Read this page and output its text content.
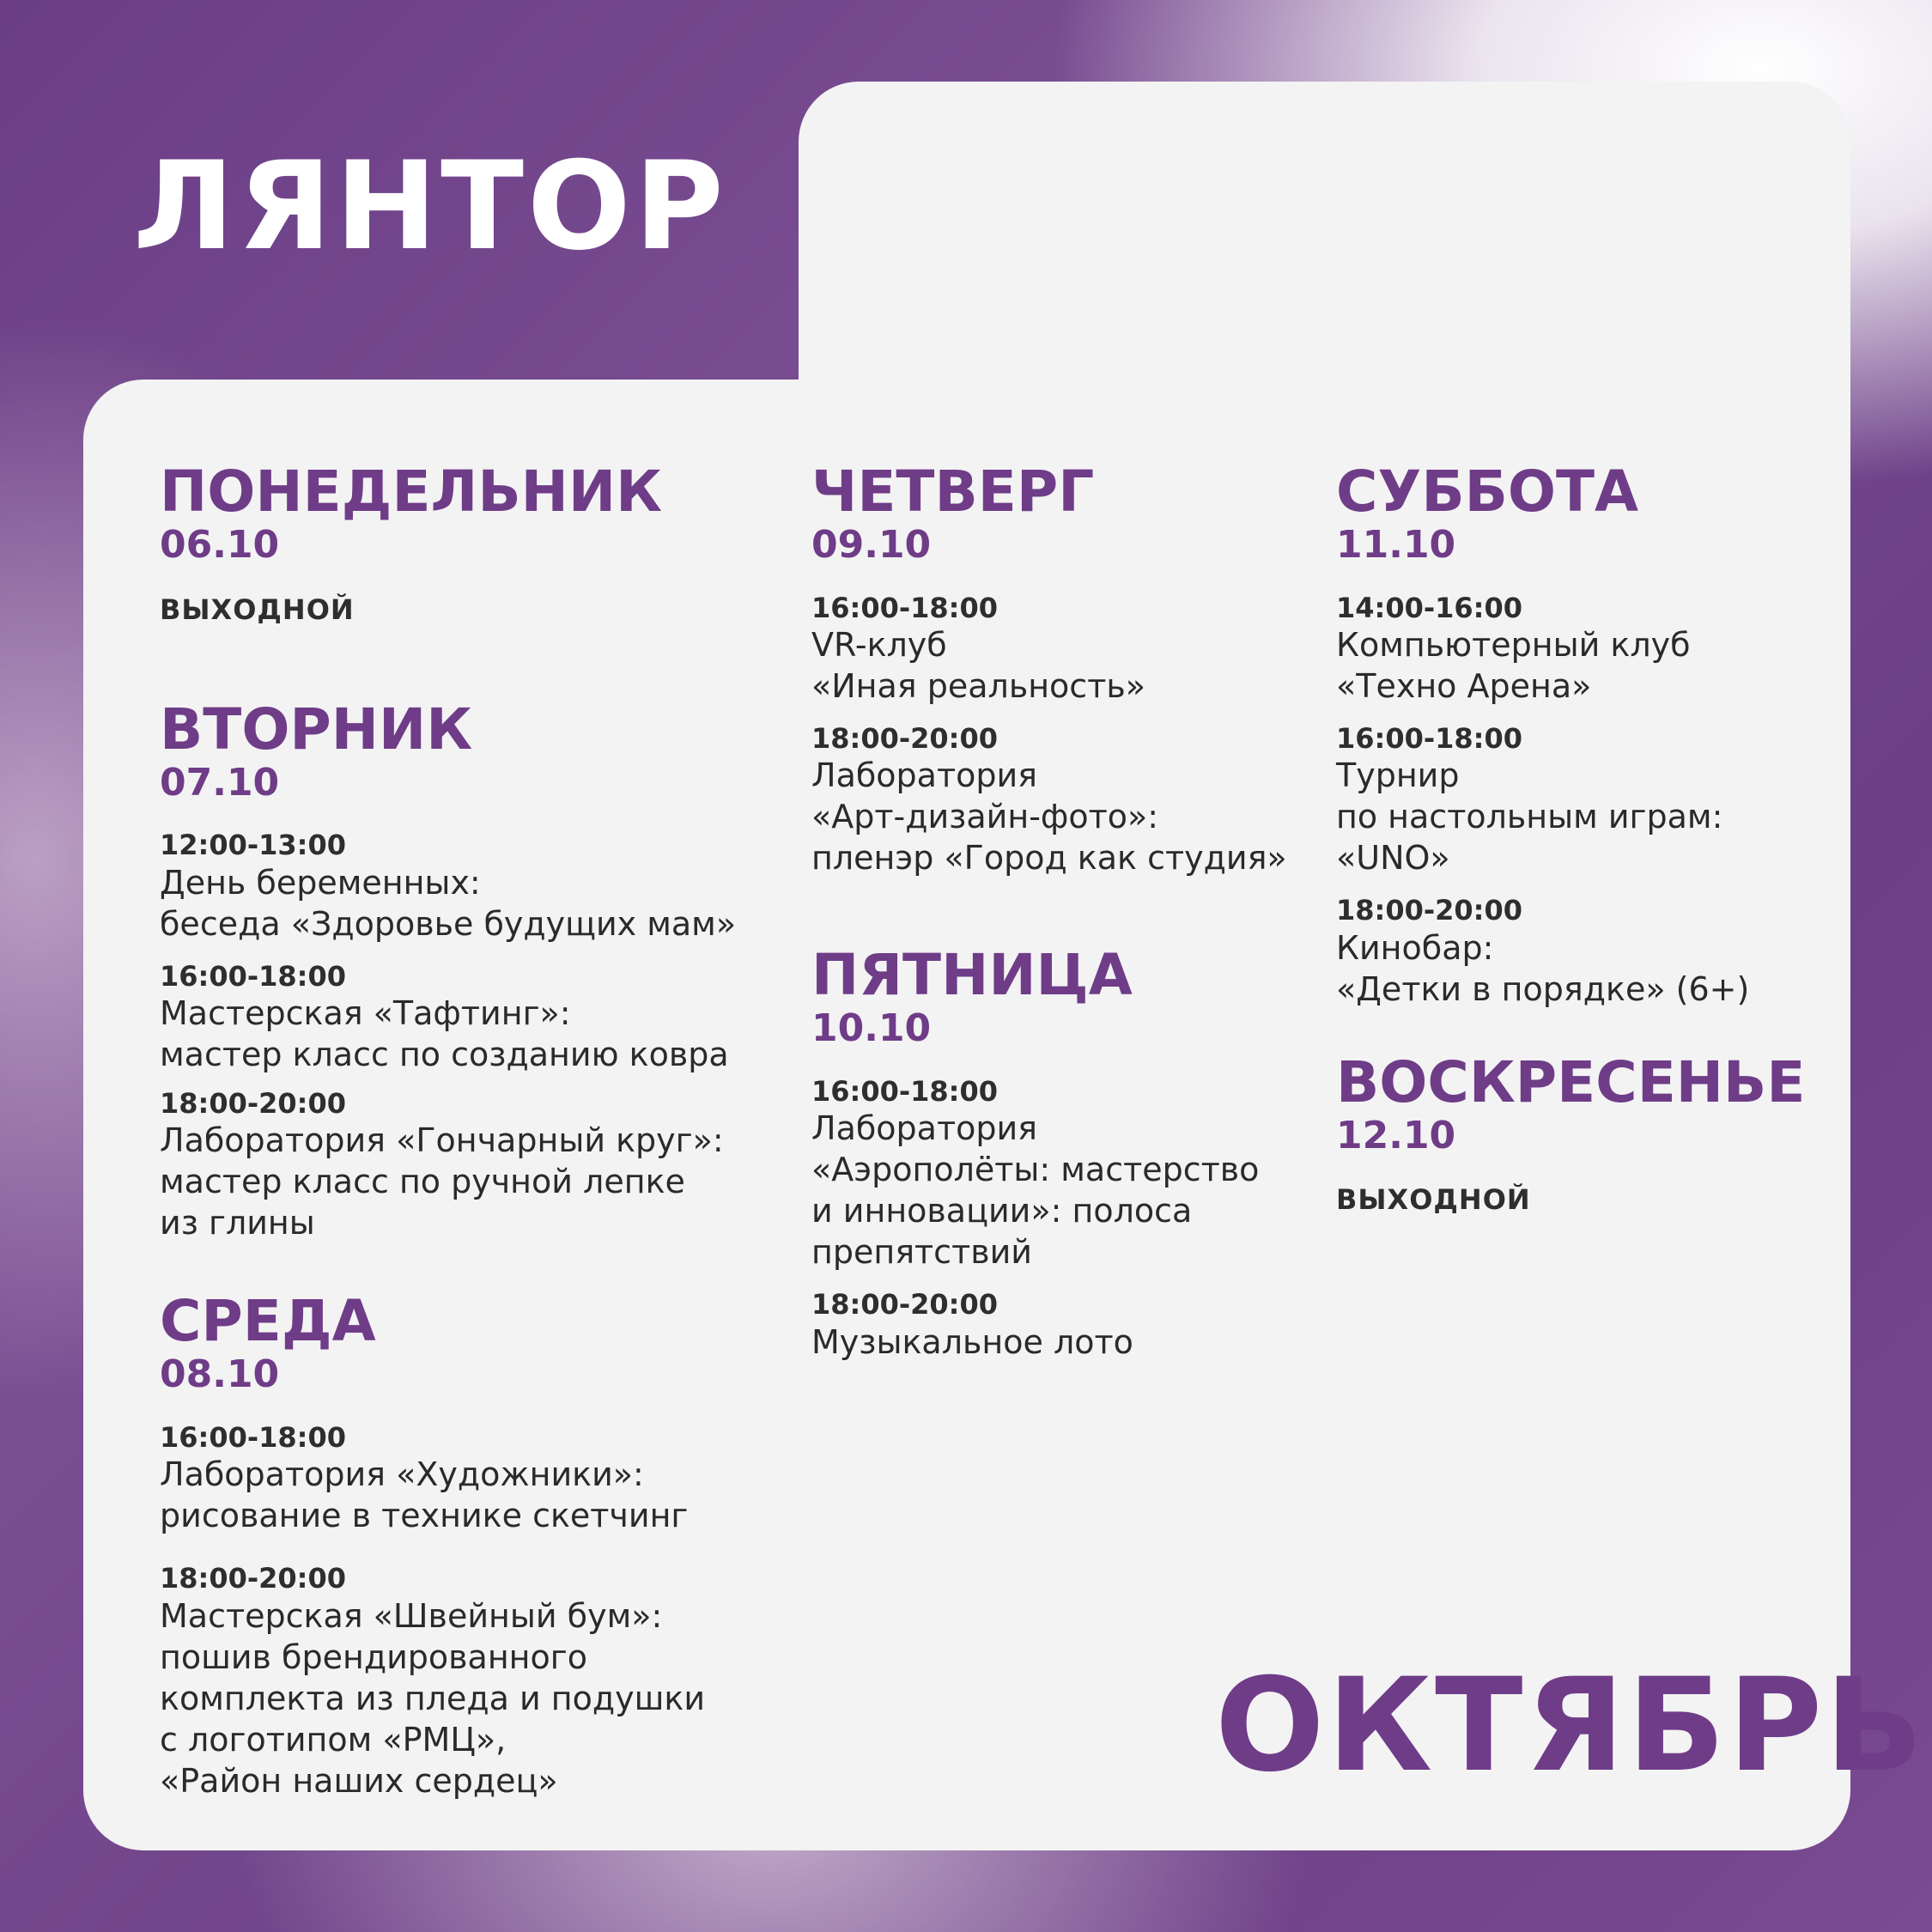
ЛЯНТОР
ПОНЕДЕЛЬНИК
06.10
ВЫХОДНОЙ
ВТОРНИК
07.10
12:00-13:00
День беременных:
беседа «Здоровье будущих мам»
16:00-18:00
Мастерская «Тафтинг»:
мастер класс по созданию ковра
18:00-20:00
Лаборатория «Гончарный круг»:
мастер класс по ручной лепке
из глины
СРЕДА
08.10
16:00-18:00
Лаборатория «Художники»:
рисование в технике скетчинг
18:00-20:00
Мастерская «Швейный бум»:
пошив брендированного
комплекта из пледа и подушки
с логотипом «РМЦ»,
«Район наших сердец»
ЧЕТВЕРГ
09.10
16:00-18:00
VR-клуб
«Иная реальность»
18:00-20:00
Лаборатория
«Арт-дизайн-фото»:
пленэр «Город как студия»
ПЯТНИЦА
10.10
16:00-18:00
Лаборатория
«Аэрополёты: мастерство
и инновации»: полоса
препятствий
18:00-20:00
Музыкальное лото
СУББОТА
11.10
14:00-16:00
Компьютерный клуб
«Техно Арена»
16:00-18:00
Турнир
по настольным играм:
«UNO»
18:00-20:00
Кинобар:
«Детки в порядке» (6+)
ВОСКРЕСЕНЬЕ
12.10
ВЫХОДНОЙ
ОКТЯБРЬ
